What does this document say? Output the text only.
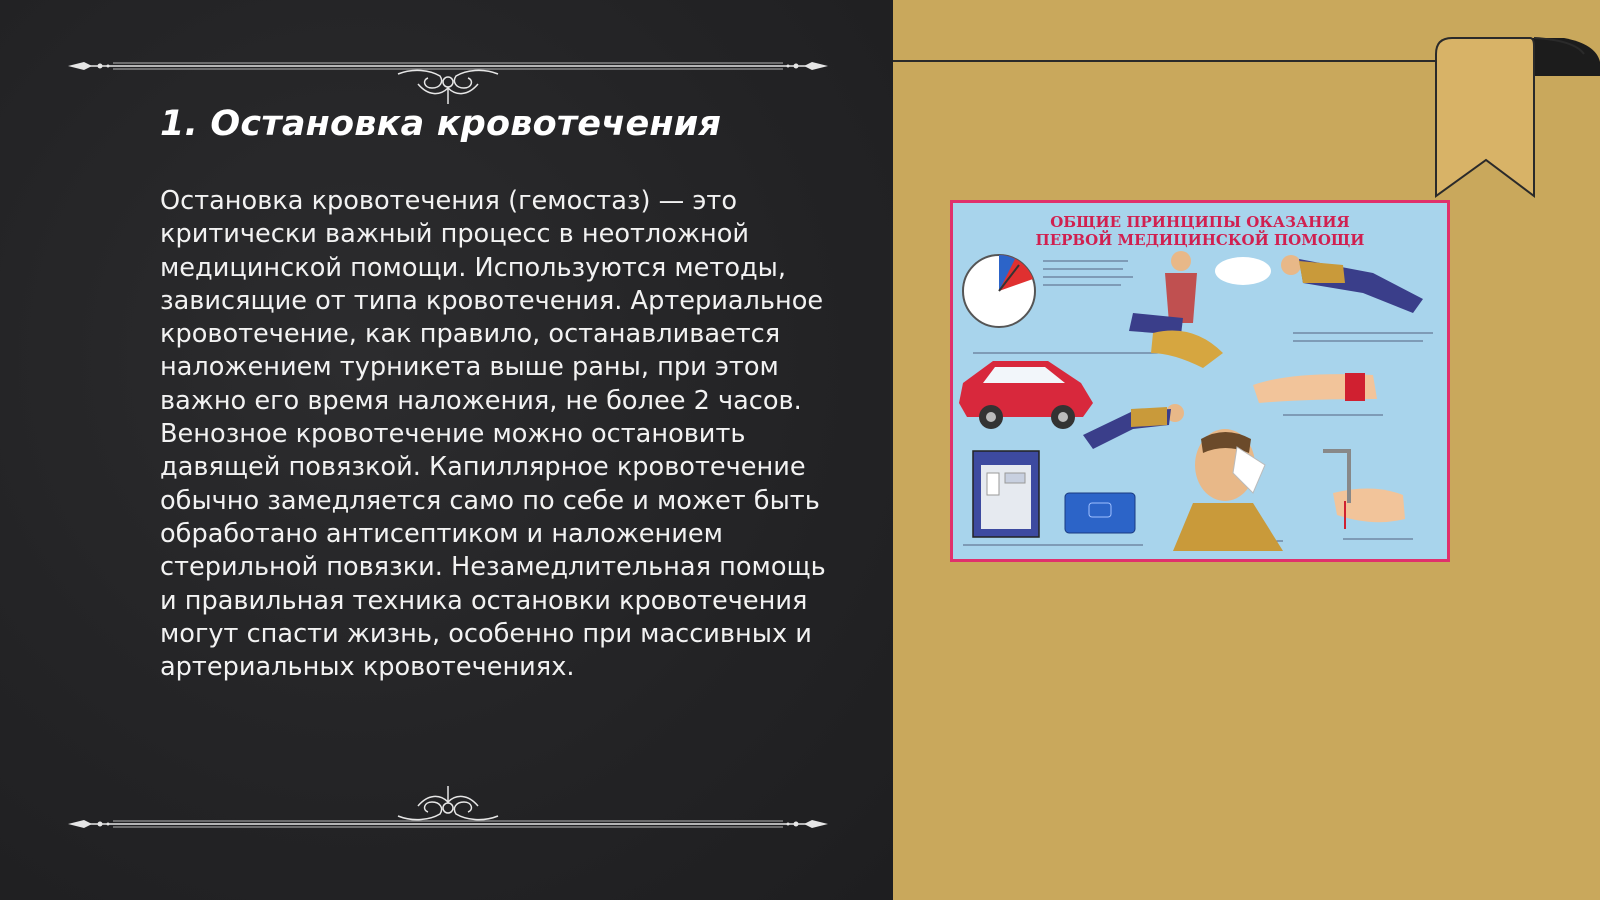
1. Остановка кровотечения

Остановка кровотечения (гемостаз) — это критически важный процесс в неотложной медицинской помощи. Используются методы, зависящие от типа кровотечения. Артериальное кровотечение, как правило, останавливается наложением турникета выше раны, при этом важно его время наложения, не более 2 часов. Венозное кровотечение можно остановить давящей повязкой. Капиллярное кровотечение обычно замедляется само по себе и может быть обработано антисептиком и наложением стерильной повязки. Незамедлительная помощь и правильная техника остановки кровотечения могут спасти жизнь, особенно при массивных и артериальных кровотечениях.

ОБЩИЕ ПРИНЦИПЫ ОКАЗАНИЯ
ПЕРВОЙ МЕДИЦИНСКОЙ ПОМОЩИ
